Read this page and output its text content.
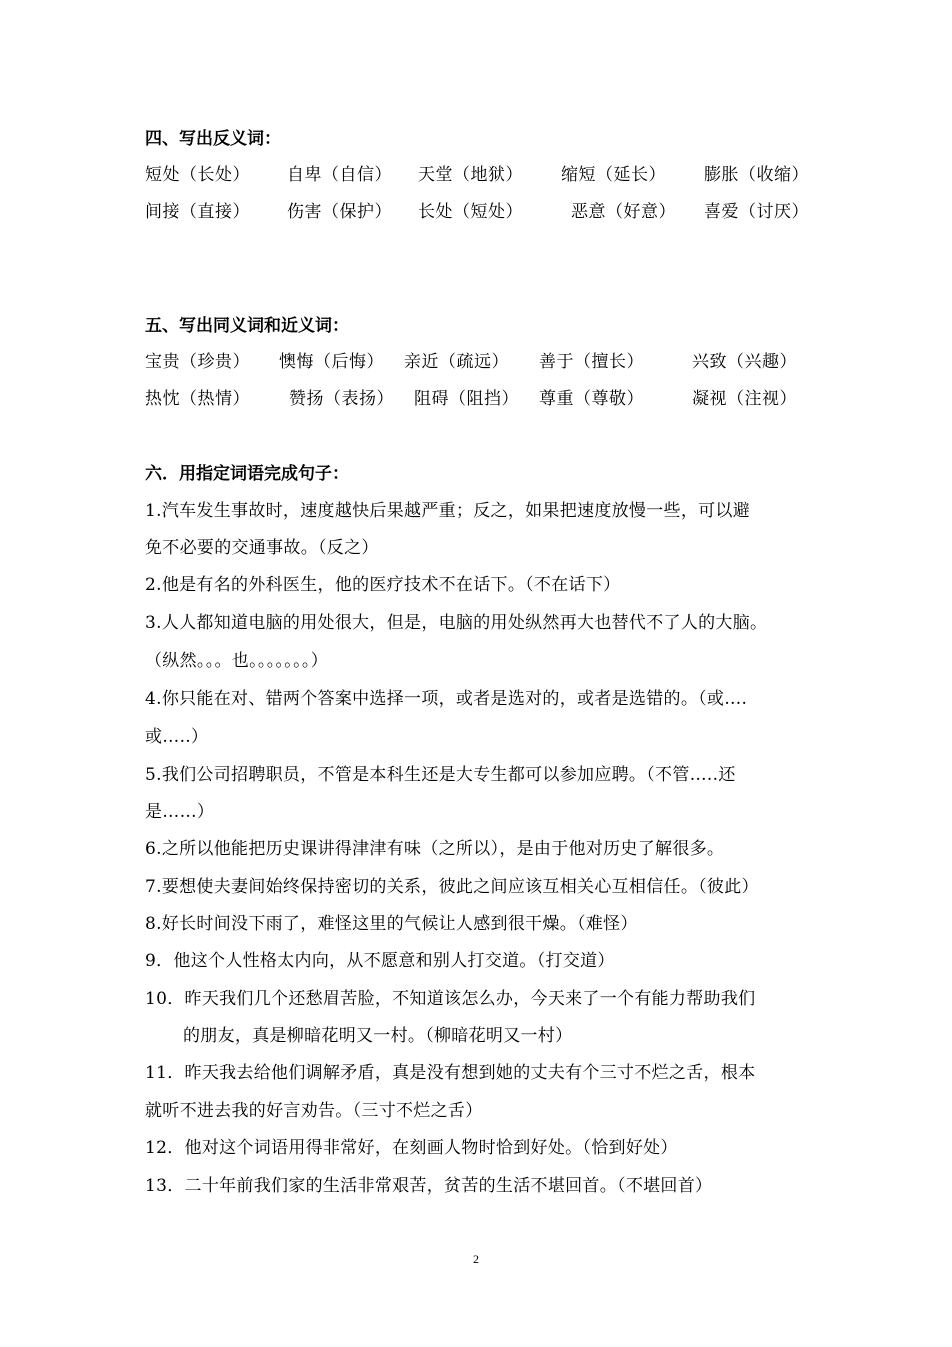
四、写出反义词：
短处（长处） 自卑（自信） 天堂（地狱） 缩短（延长） 膨胀（收缩）
间接（直接） 伤害（保护） 长处（短处）	恶意（好意） 喜爱（讨厌）
五、写出同义词和近义词：
宝贵（珍贵） 懊悔（后悔） 亲近（疏远） 善于（擅长）	兴致（兴趣）
热忱（热情） 赞扬（表扬） 阻碍（阻挡） 尊重（尊敬）	凝视（注视）
六．用指定词语完成句子：
1.汽车发生事故时，速度越快后果越严重；反之，如果把速度放慢一些，可以避
免不必要的交通事故。（反之）
2.他是有名的外科医生，他的医疗技术不在话下。（不在话下）
3.人人都知道电脑的用处很大，但是，电脑的用处纵然再大也替代不了人的大脑。
（纵然。。。也。。。。。。。）
4.你只能在对、错两个答案中选择一项，或者是选对的，或者是选错的。（或….
或…..）
5.我们公司招聘职员，不管是本科生还是大专生都可以参加应聘。（不管…..还
是……）
6.之所以他能把历史课讲得津津有味（之所以），是由于他对历史了解很多。
7.要想使夫妻间始终保持密切的关系，彼此之间应该互相关心互相信任。（彼此）
8.好长时间没下雨了，难怪这里的气候让人感到很干燥。（难怪）
9．他这个人性格太内向，从不愿意和别人打交道。（打交道）
10．昨天我们几个还愁眉苦脸，不知道该怎么办，今天来了一个有能力帮助我们
的朋友，真是柳暗花明又一村。（柳暗花明又一村）
11．昨天我去给他们调解矛盾，真是没有想到她的丈夫有个三寸不烂之舌，根本
就听不进去我的好言劝告。（三寸不烂之舌）
12．他对这个词语用得非常好，在刻画人物时恰到好处。（恰到好处）
13．二十年前我们家的生活非常艰苦，贫苦的生活不堪回首。（不堪回首）
2
